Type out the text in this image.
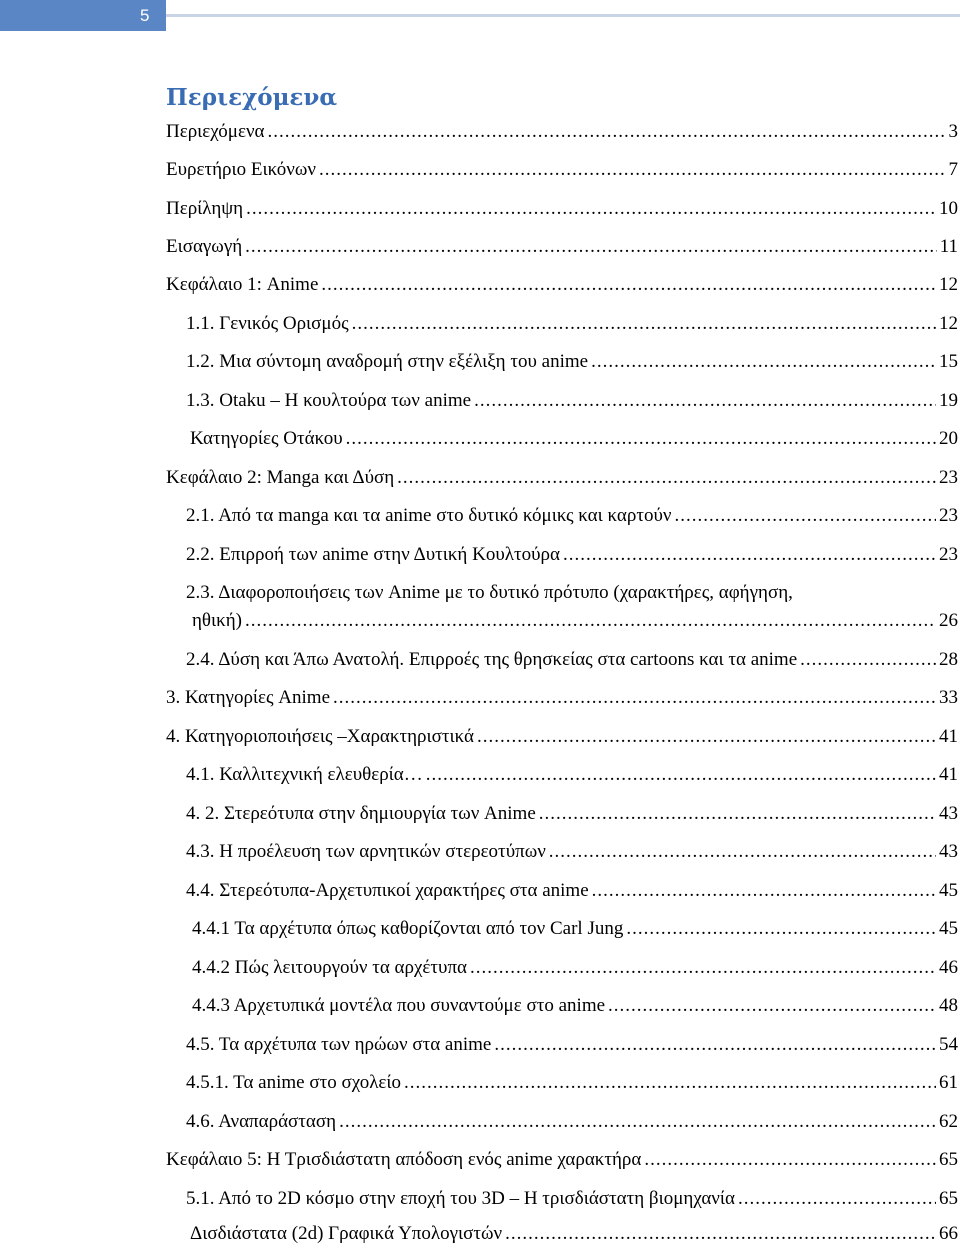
5
Περιεχόμενα
Περιεχόμενα .....	3
Ευρετήριο Εικόνων .....	7
Περίληψη .....	10
Εισαγωγή .....	11
Κεφάλαιο 1: Anime .....	12
1.1. Γενικός Ορισμός .....	12
1.2. Μια σύντομη αναδρομή στην εξέλιξη του anime .....	15
1.3. Otaku – Η κουλτούρα των anime .....	19
Κατηγορίες Οτάκου .....	20
Κεφάλαιο 2: Manga και Δύση .....	23
2.1. Από τα manga και τα anime στο δυτικό κόμικς και καρτούν .....	23
2.2. Επιρροή των anime στην Δυτική Κουλτούρα .....	23
2.3. Διαφοροποιήσεις των Anime με το δυτικό πρότυπο (χαρακτήρες, αφήγηση,
ηθική) .....	26
2.4. Δύση και Άπω Ανατολή. Επιρροές της θρησκείας στα cartoons και τα anime .....	28
3. Κατηγορίες Anime .....	33
4. Κατηγοριοποιήσεις –Χαρακτηριστικά .....	41
4.1. Καλλιτεχνική ελευθερία… .....	41
4. 2. Στερεότυπα στην δημιουργία των Anime .....	43
4.3. Η προέλευση των αρνητικών στερεοτύπων .....	43
4.4. Στερεότυπα-Αρχετυπικοί χαρακτήρες στα anime .....	45
4.4.1 Τα αρχέτυπα όπως καθορίζονται από τον Carl Jung .....	45
4.4.2 Πώς λειτουργούν τα αρχέτυπα .....	46
4.4.3 Αρχετυπικά μοντέλα που συναντούμε στο anime .....	48
4.5. Τα αρχέτυπα των ηρώων στα anime .....	54
4.5.1. Τα anime στο σχολείο .....	61
4.6. Αναπαράσταση .....	62
Κεφάλαιο 5: Η Τρισδιάστατη απόδοση ενός anime χαρακτήρα .....	65
5.1. Από το 2D κόσμο στην εποχή του 3D – Η τρισδιάστατη βιομηχανία .....	65
Δισδιάστατα (2d) Γραφικά Υπολογιστών .....	66
